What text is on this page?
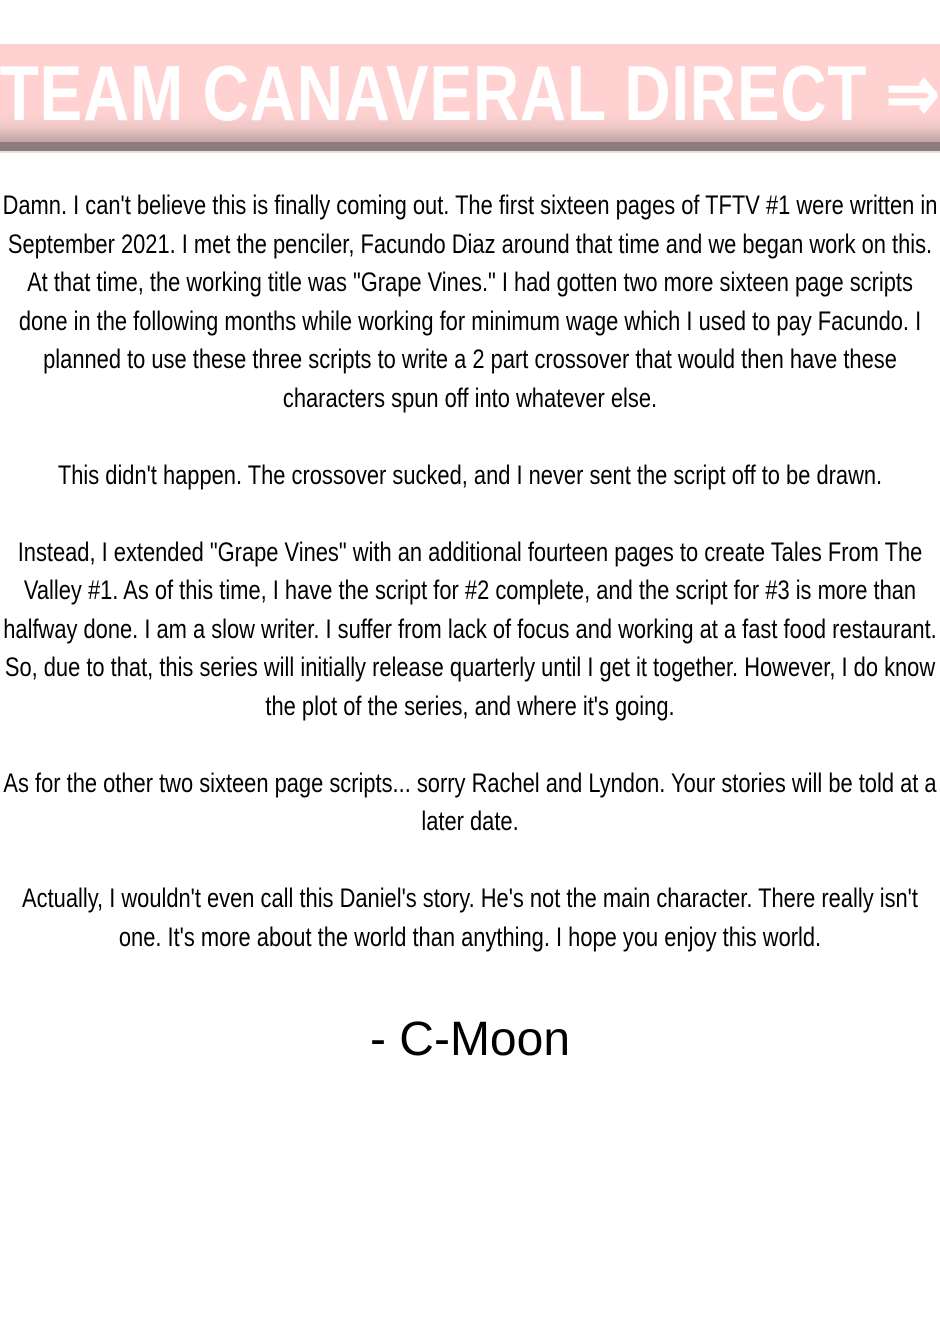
TEAM CANAVERAL DIRECT ⇒

Damn. I can't believe this is finally coming out. The first sixteen pages of TFTV #1 were written in September 2021. I met the penciler, Facundo Diaz around that time and we began work on this. At that time, the working title was "Grape Vines." I had gotten two more sixteen page scripts done in the following months while working for minimum wage which I used to pay Facundo. I planned to use these three scripts to write a 2 part crossover that would then have these characters spun off into whatever else.

This didn't happen. The crossover sucked, and I never sent the script off to be drawn.

Instead, I extended "Grape Vines" with an additional fourteen pages to create Tales From The Valley #1. As of this time, I have the script for #2 complete, and the script for #3 is more than halfway done. I am a slow writer. I suffer from lack of focus and working at a fast food restaurant. So, due to that, this series will initially release quarterly until I get it together. However, I do know the plot of the series, and where it's going.

As for the other two sixteen page scripts... sorry Rachel and Lyndon. Your stories will be told at a later date.

Actually, I wouldn't even call this Daniel's story. He's not the main character. There really isn't one. It's more about the world than anything. I hope you enjoy this world.

- C-Moon
